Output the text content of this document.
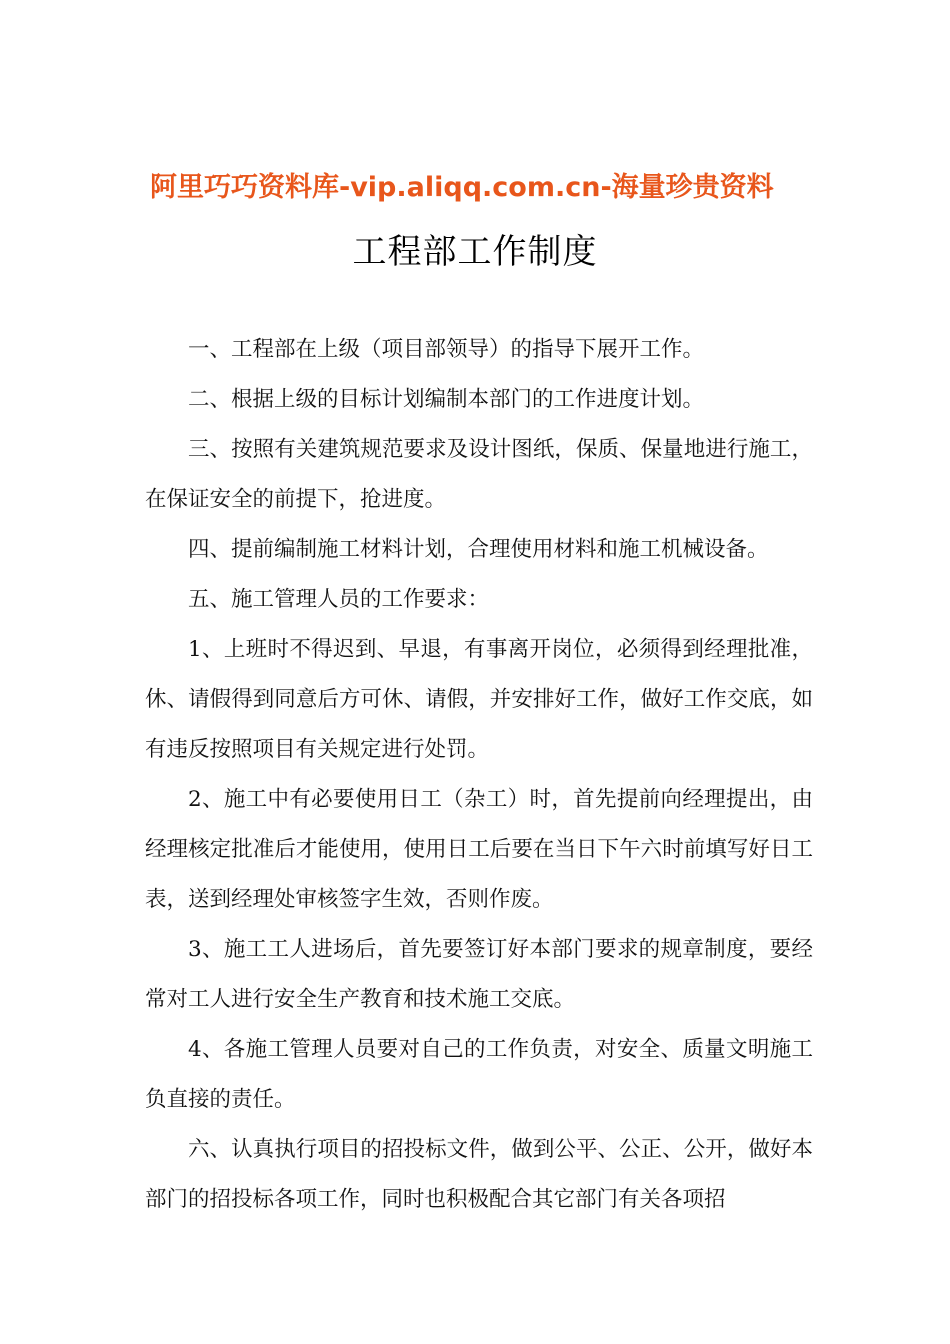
阿里巧巧资料库-vip.aliqq.com.cn-海量珍贵资料
工程部工作制度

一、工程部在上级（项目部领导）的指导下展开工作。

二、根据上级的目标计划编制本部门的工作进度计划。

三、按照有关建筑规范要求及设计图纸，保质、保量地进行施工，在保证安全的前提下，抢进度。

四、提前编制施工材料计划，合理使用材料和施工机械设备。

五、施工管理人员的工作要求：

1、上班时不得迟到、早退，有事离开岗位，必须得到经理批准，休、请假得到同意后方可休、请假，并安排好工作，做好工作交底，如有违反按照项目有关规定进行处罚。

2、施工中有必要使用日工（杂工）时，首先提前向经理提出，由经理核定批准后才能使用，使用日工后要在当日下午六时前填写好日工表，送到经理处审核签字生效，否则作废。

3、施工工人进场后，首先要签订好本部门要求的规章制度，要经常对工人进行安全生产教育和技术施工交底。

4、各施工管理人员要对自己的工作负责，对安全、质量文明施工负直接的责任。

六、认真执行项目的招投标文件，做到公平、公正、公开，做好本部门的招投标各项工作，同时也积极配合其它部门有关各项招
